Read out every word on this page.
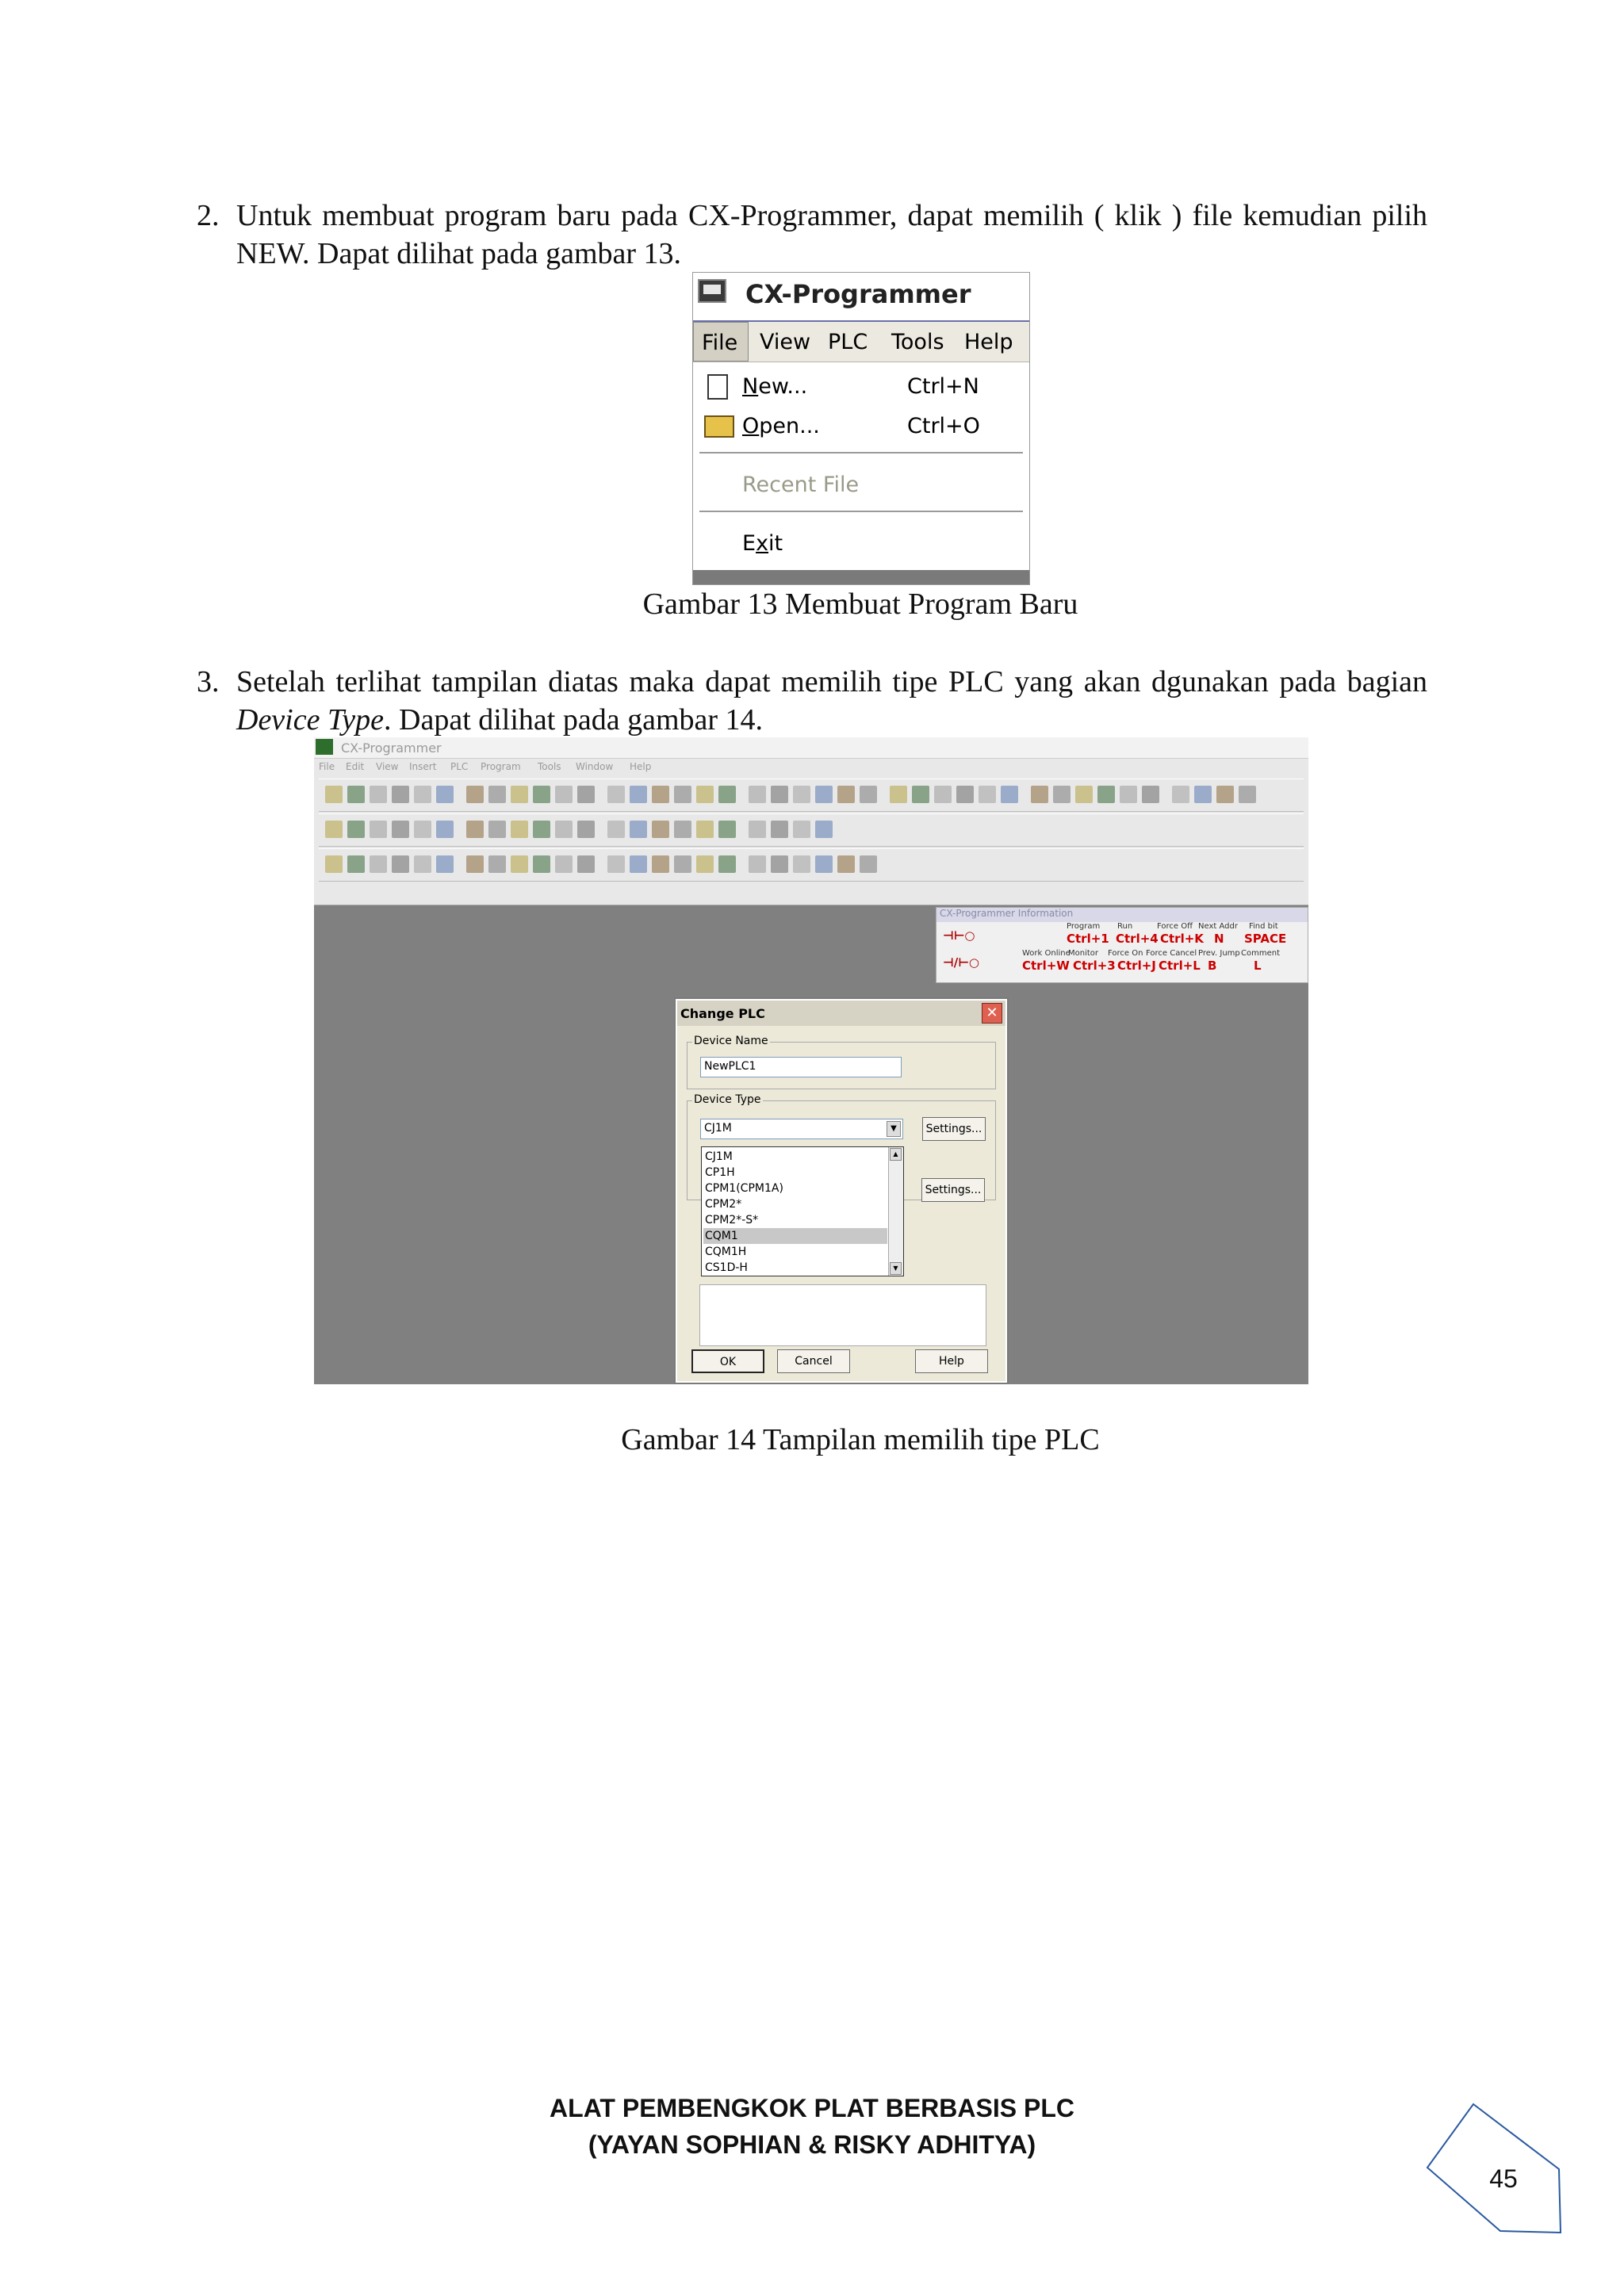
2. Untuk membuat program baru pada CX-Programmer, dapat memilih ( klik ) file kemudian pilih NEW. Dapat dilihat pada gambar 13.
CX-Programmer
File	View PLC Tools Help
New...	Ctrl+N
Open...	Ctrl+O
Recent File
Exit
Gambar 13 Membuat Program Baru
3. Setelah terlihat tampilan diatas maka dapat memilih tipe PLC yang akan dgunakan pada bagian Device Type. Dapat dilihat pada gambar 14.
CX-Programmer
File Edit View Insert PLC Program Tools Window Help
CX-Programmer Information
Program Run	Force Off Next Addr Find bit
Ctrl+1 Ctrl+4 Ctrl+K N SPACE
Work Online
Monitor Force On Force Cancel Prev. Jump Comment
Ctrl+W Ctrl+3 Ctrl+J Ctrl+L B	L
⊣⊢○
⊣/⊢○
Change PLC	✕
Device Name
NewPLC1
Device Type
CJ1M	▼	Settings...
Settings...
▲
▼
CJ1M
CP1H
CPM1(CPM1A)
CPM2*
CPM2*-S*
CQM1
CQM1H
CS1D-H
OK	Cancel	Help
Gambar 14 Tampilan memilih tipe PLC
ALAT PEMBENGKOK PLAT BERBASIS PLC
(YAYAN SOPHIAN & RISKY ADHITYA)
45
